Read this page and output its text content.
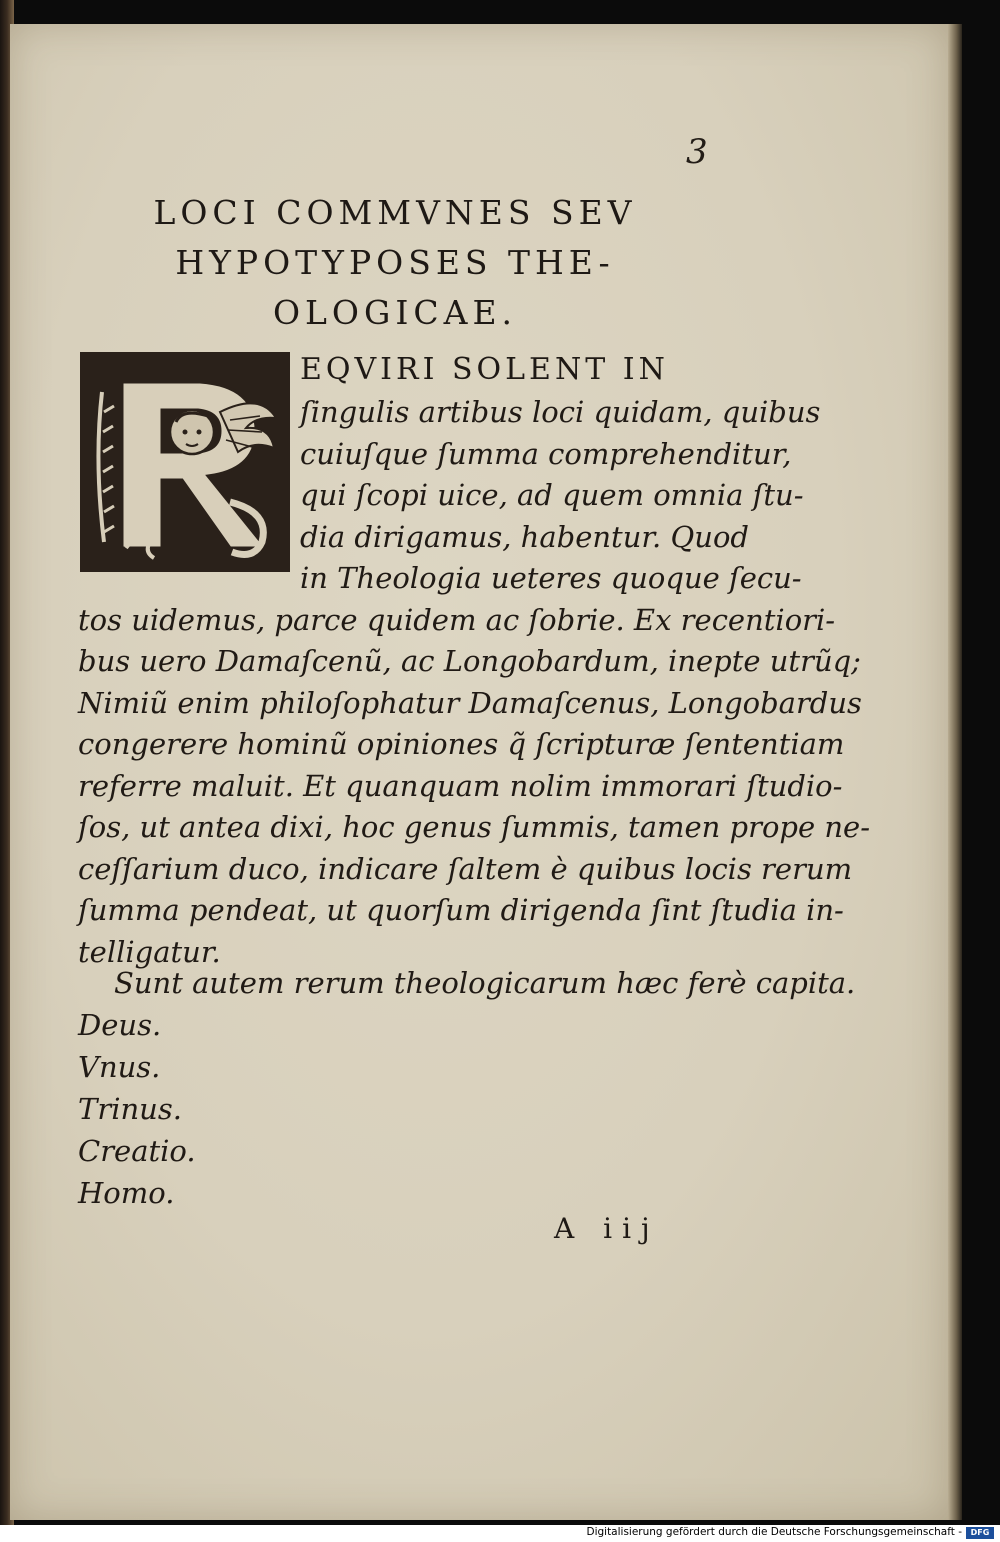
3
LOCI COMMVNES SEV
HYPOTYPOSES THE-
OLOGICAE.
EQVIRI SOLENT IN
ſingulis artibus loci quidam, quibus
cuiuſque ſumma comprehenditur,
qui ſcopi uice, ad quem omnia ſtu-
dia dirigamus, habentur. Quod
in Theologia ueteres quoque ſecu-
tos uidemus, parce quidem ac ſobrie. Ex recentiori-
bus uero Damaſcenũ, ac Longobardum, inepte utrũq;
Nimiũ enim philoſophatur Damaſcenus, Longobardus
congerere hominũ opiniones q̃ ſcripturæ ſententiam
referre maluit. Et quanquam nolim immorari ſtudio-
ſos, ut antea dixi, hoc genus ſummis, tamen prope ne-
ceſſarium duco, indicare ſaltem è quibus locis rerum
ſumma pendeat, ut quorſum dirigenda ſint ſtudia in-
telligatur.
Sunt autem rerum theologicarum hæc ferè capita.
Deus.
Vnus.
Trinus.
Creatio.
Homo.
A iij
Digitalisierung gefördert durch die Deutsche Forschungsgemeinschaft -	DFG
